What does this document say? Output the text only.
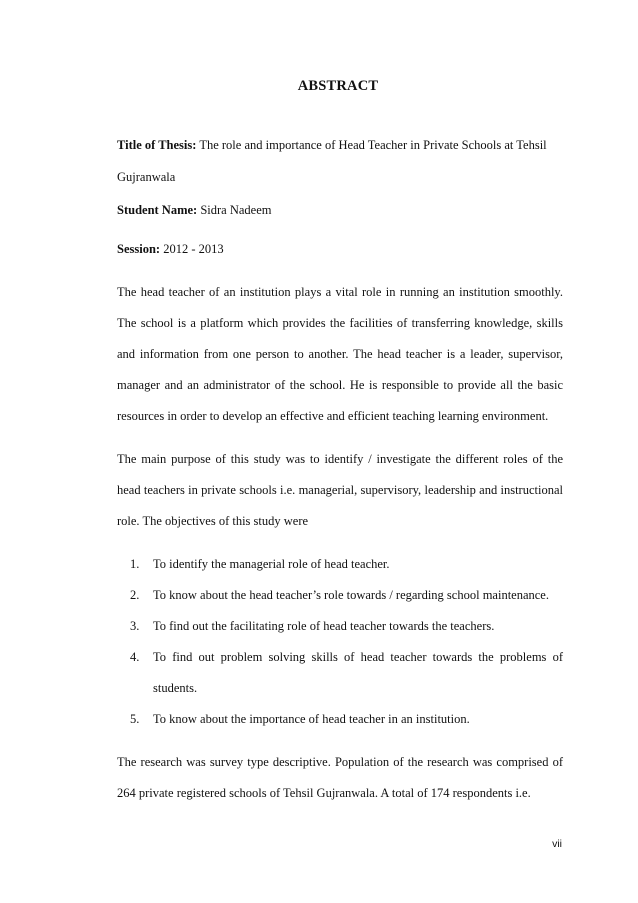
ABSTRACT
Title of Thesis: The role and importance of Head Teacher in Private Schools at Tehsil Gujranwala
Student Name: Sidra Nadeem
Session: 2012 - 2013

The head teacher of an institution plays a vital role in running an institution smoothly. The school is a platform which provides the facilities of transferring knowledge, skills and information from one person to another. The head teacher is a leader, supervisor, manager and an administrator of the school. He is responsible to provide all the basic resources in order to develop an effective and efficient teaching learning environment.

The main purpose of this study was to identify / investigate the different roles of the head teachers in private schools i.e. managerial, supervisory, leadership and instructional role. The objectives of this study were

1. To identify the managerial role of head teacher.
2. To know about the head teacher’s role towards / regarding school maintenance.
3. To find out the facilitating role of head teacher towards the teachers.
4. To find out problem solving skills of head teacher towards the problems of students.
5. To know about the importance of head teacher in an institution.

The research was survey type descriptive. Population of the research was comprised of 264 private registered schools of Tehsil Gujranwala. A total of 174 respondents i.e.

vii
